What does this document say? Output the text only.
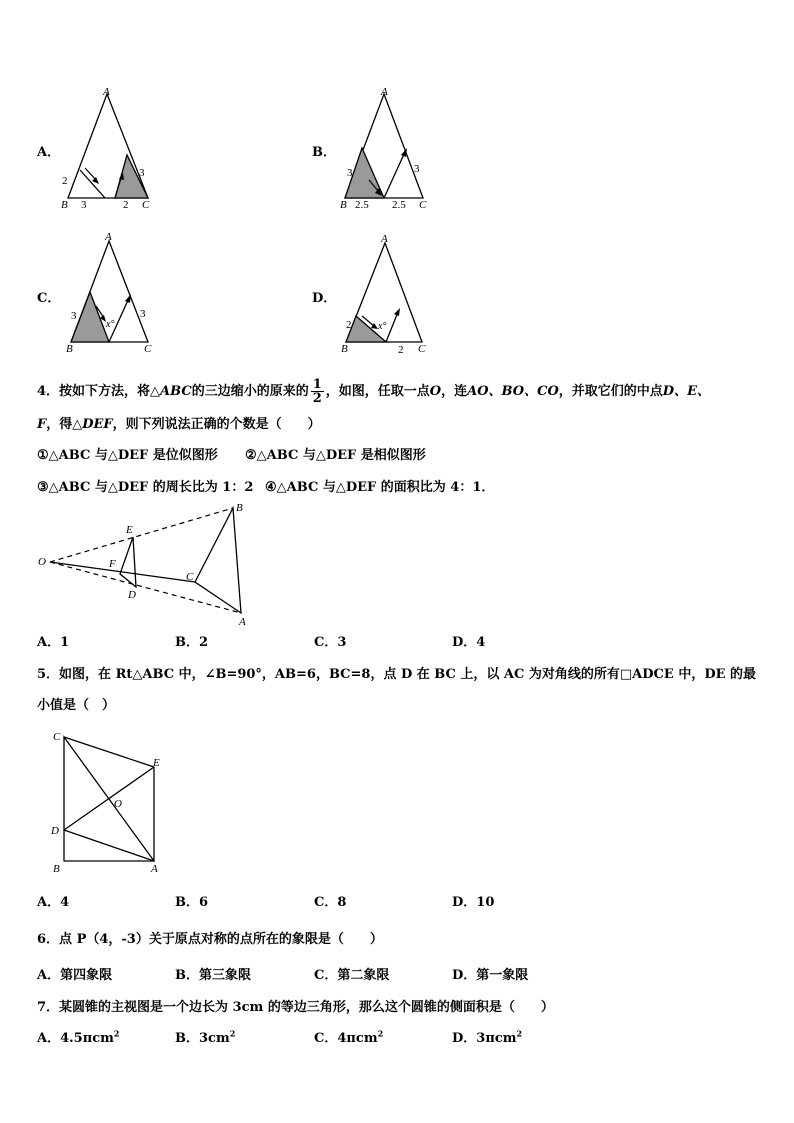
A．
A
B	C
2
3	2
3
B．
A
B	C
3
2.5 2.5
3
C．
A
B	C
3	3
x°
D．
A
B	C
2
2
x°
4．按如下方法，将△ABC的三边缩小的原来的 $\frac{1}{2}$ ，如图，任取一点O，连AO、BO、CO，并取它们的中点D、E、
F，得△DEF，则下列说法正确的个数是（　　）
①△ABC 与△DEF 是位似图形 ②△ABC 与△DEF 是相似图形
③△ABC 与△DEF 的周长比为 1：2 ④△ABC 与△DEF 的面积比为 4：1．
O
E
F
D
C
B
A
A．1	B．2	C．3	D．4
5．如图，在 Rt△ABC 中，∠B=90°，AB=6，BC=8，点 D 在 BC 上，以 AC 为对角线的所有□ADCE 中，DE 的最
小值是（　）
C
E
O
D
B	A
A．4	B．6	C．8	D．10
6．点 P（4，-3）关于原点对称的点所在的象限是（　　）
A．第四象限	B．第三象限	C．第二象限	D．第一象限
7．某圆锥的主视图是一个边长为 3cm 的等边三角形，那么这个圆锥的侧面积是（　　）
A．4.5πcm$^2$	B．$3cm^2$	C．4πcm$^2$	D．3πcm$^2$
